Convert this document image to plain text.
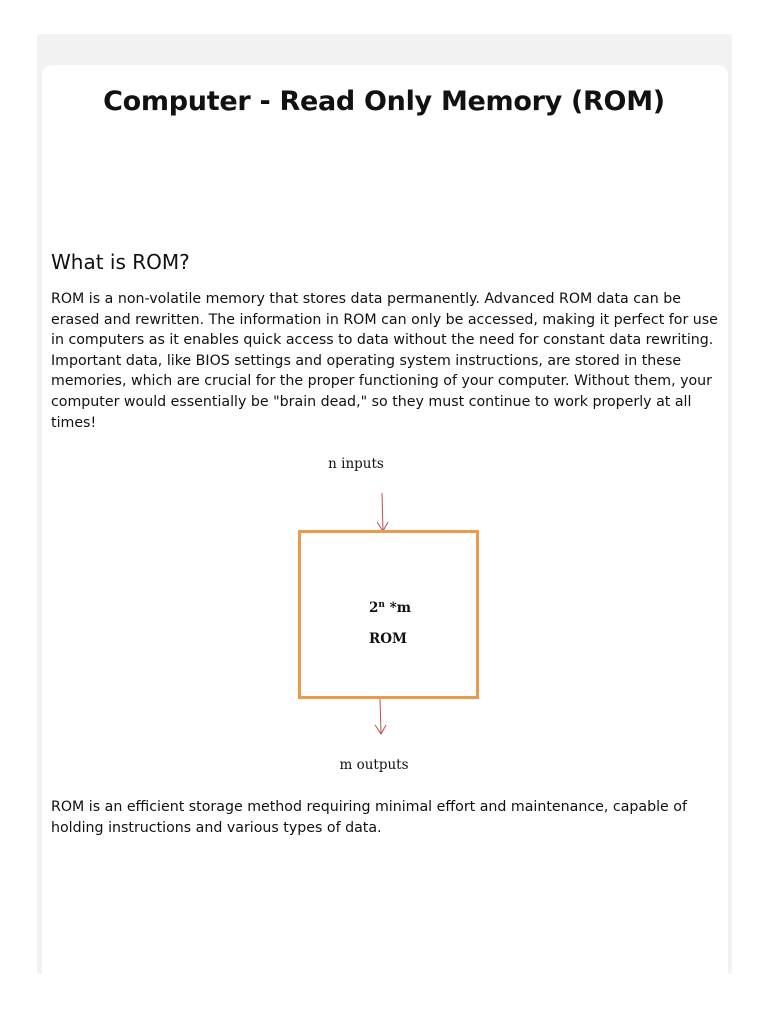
Computer - Read Only Memory (ROM)
What is ROM?

ROM is a non-volatile memory that stores data permanently. Advanced ROM data can be erased and rewritten. The information in ROM can only be accessed, making it perfect for use in computers as it enables quick access to data without the need for constant data rewriting. Important data, like BIOS settings and operating system instructions, are stored in these memories, which are crucial for the proper functioning of your computer. Without them, your computer would essentially be "brain dead," so they must continue to work properly at all times!

n inputs
2$^n$ *m
ROM
m outputs

ROM is an efficient storage method requiring minimal effort and maintenance, capable of holding instructions and various types of data.
